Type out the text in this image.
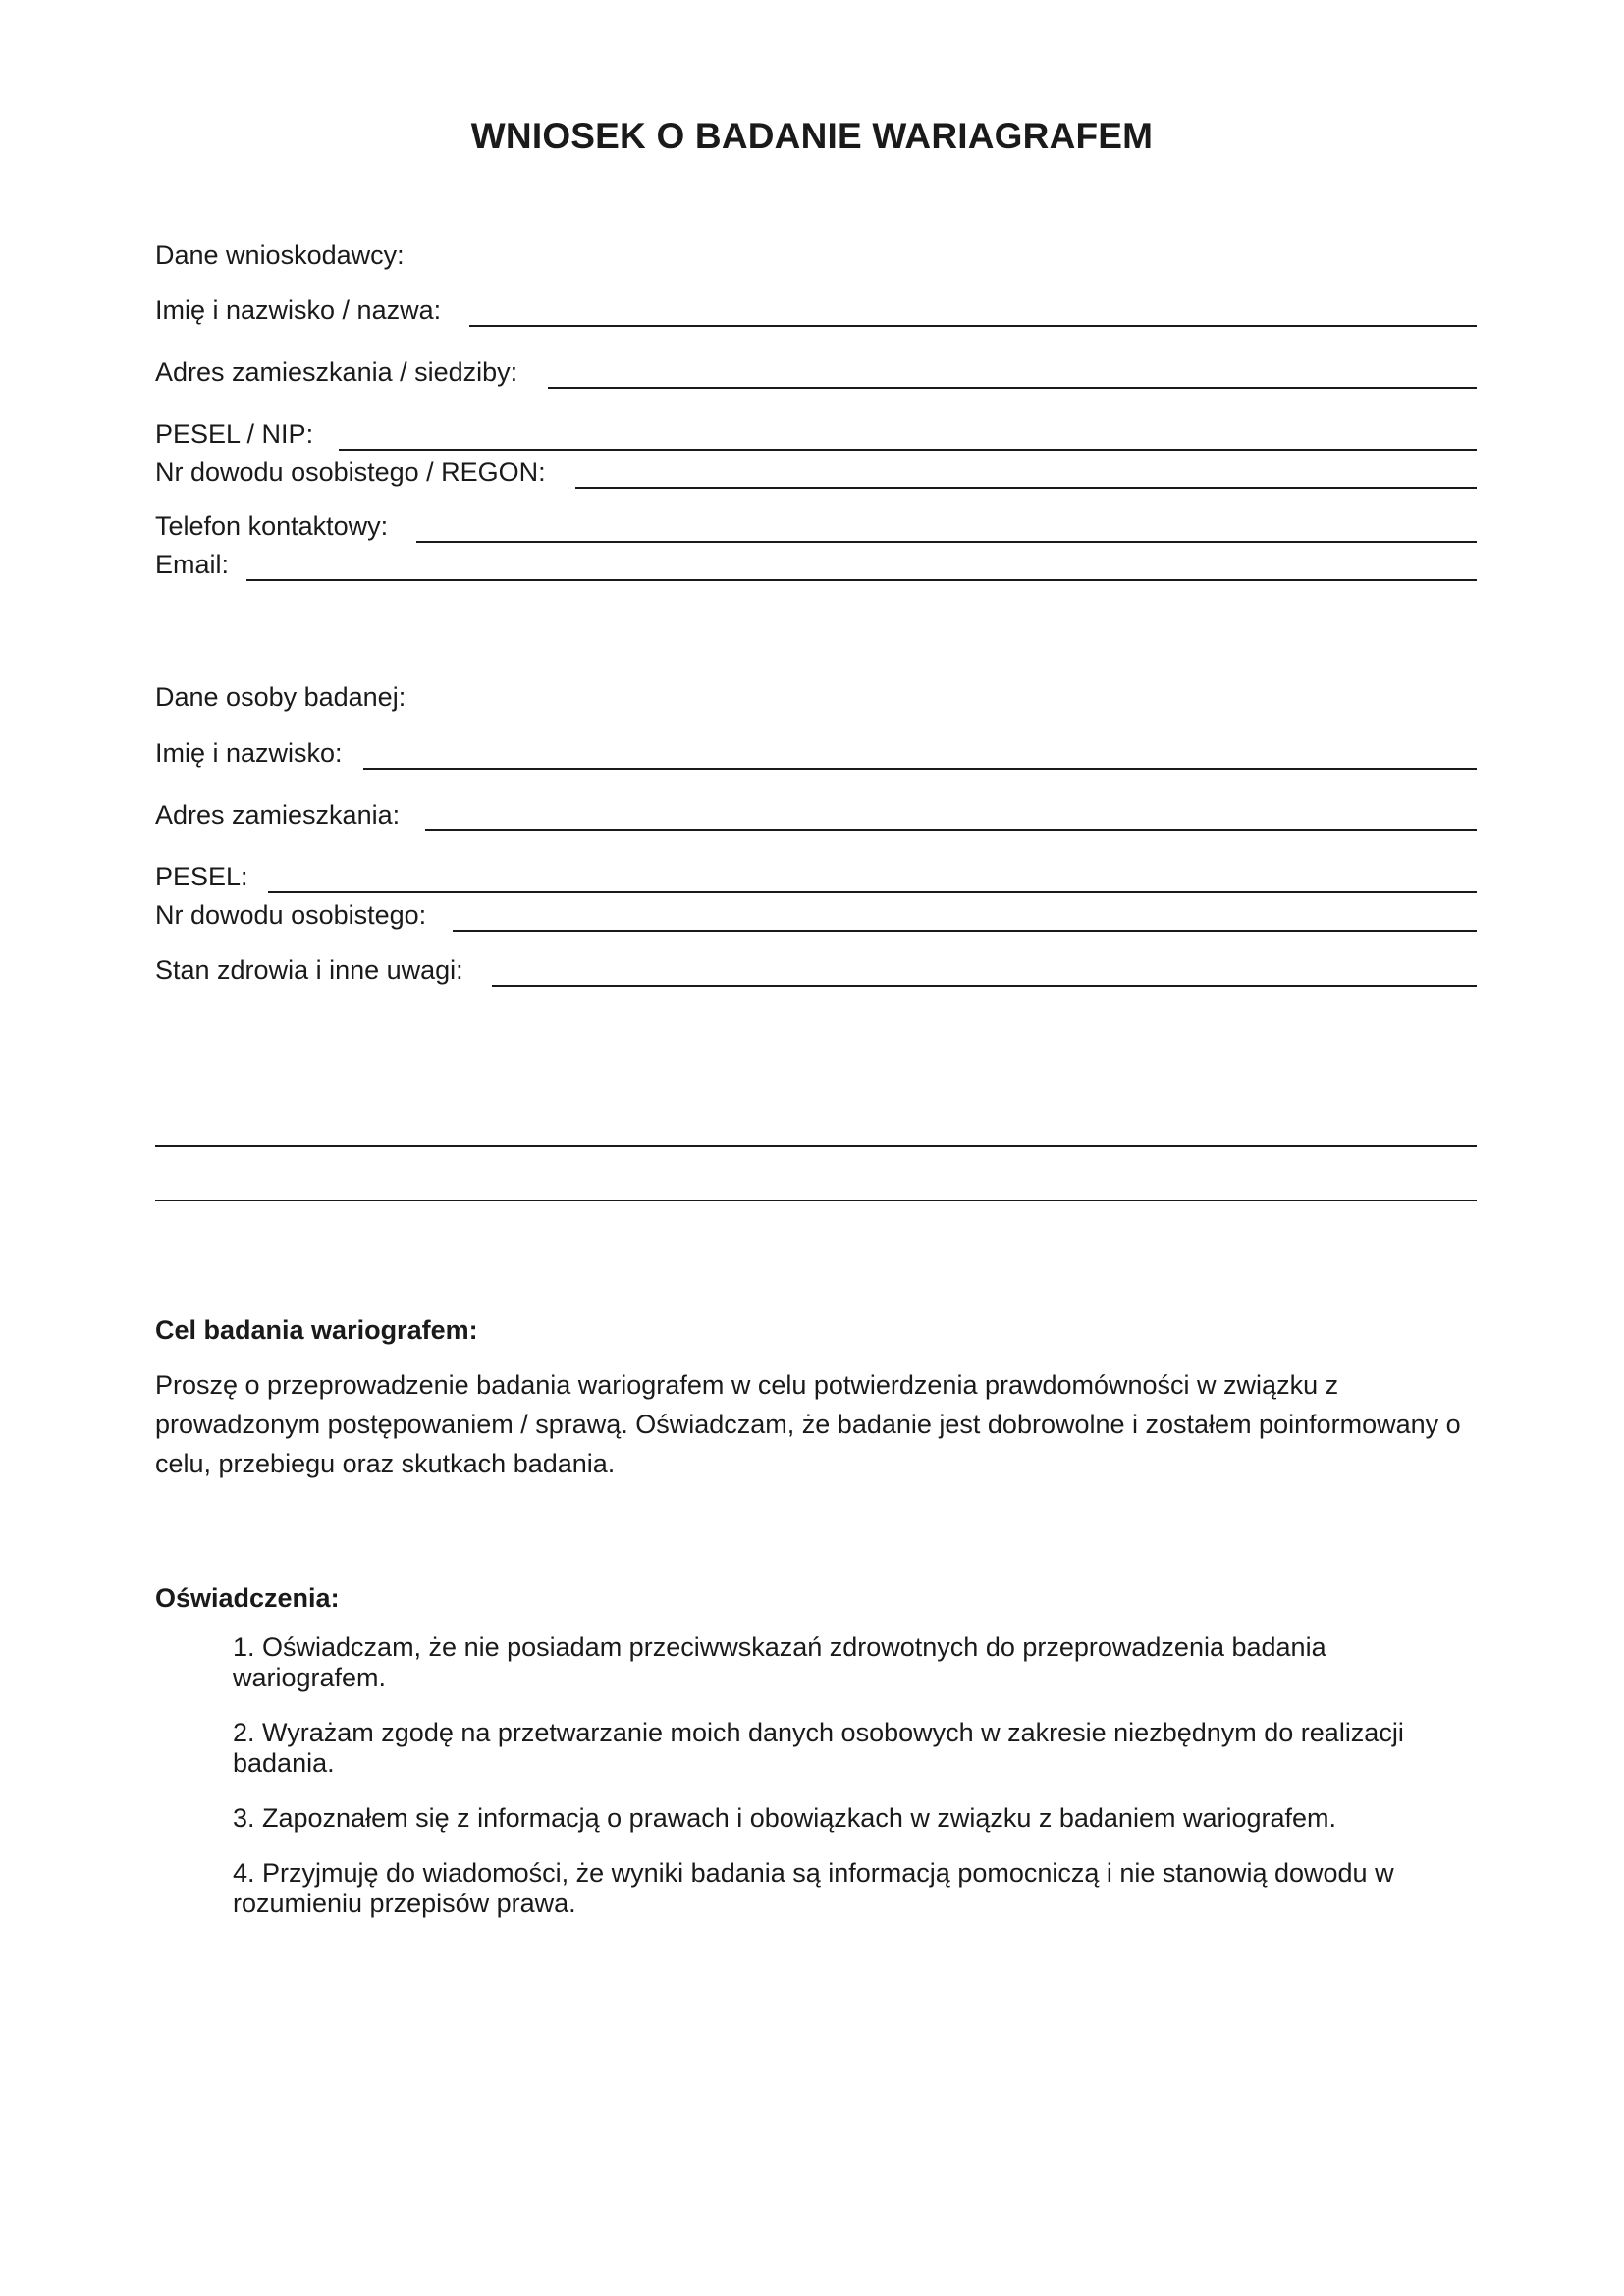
WNIOSEK O BADANIE WARIAGRAFEM
Dane wnioskodawcy:
Imię i nazwisko / nazwa:
Adres zamieszkania / siedziby:
PESEL / NIP:
Nr dowodu osobistego / REGON:
Telefon kontaktowy:
Email:
Dane osoby badanej:
Imię i nazwisko:
Adres zamieszkania:
PESEL:
Nr dowodu osobistego:
Stan zdrowia i inne uwagi:
Cel badania wariografem:
Proszę o przeprowadzenie badania wariografem w celu potwierdzenia prawdomówności w związku z prowadzonym postępowaniem / sprawą. Oświadczam, że badanie jest dobrowolne i zostałem poinformowany o celu, przebiegu oraz skutkach badania.
Oświadczenia:
1. Oświadczam, że nie posiadam przeciwwskazań zdrowotnych do przeprowadzenia badania wariografem.
2. Wyrażam zgodę na przetwarzanie moich danych osobowych w zakresie niezbędnym do realizacji badania.
3. Zapoznałem się z informacją o prawach i obowiązkach w związku z badaniem wariografem.
4. Przyjmuję do wiadomości, że wyniki badania są informacją pomocniczą i nie stanowią dowodu w rozumieniu przepisów prawa.
